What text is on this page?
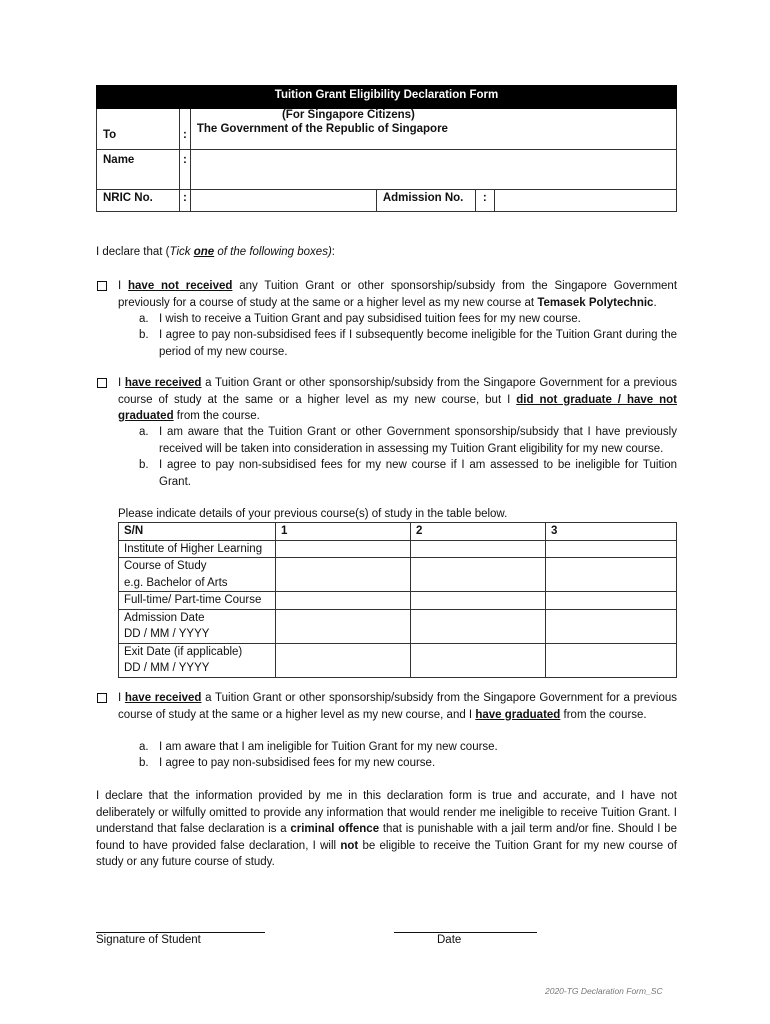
Tuition Grant Eligibility Declaration Form					

To	:	(For Singapore Citizens)
The Government of the Republic of Singapore			

Name	:				

NRIC No.	:		Admission No.	:	

I declare that (Tick one of the following boxes):
I have not received any Tuition Grant or other sponsorship/subsidy from the Singapore Government previously for a course of study at the same or a higher level as my new course at Temasek Polytechnic.
a. I wish to receive a Tuition Grant and pay subsidised tuition fees for my new course.
b. I agree to pay non-subsidised fees if I subsequently become ineligible for the Tuition Grant during the period of my new course.
I have received a Tuition Grant or other sponsorship/subsidy from the Singapore Government for a previous course of study at the same or a higher level as my new course, but I did not graduate / have not graduated from the course.
a. I am aware that the Tuition Grant or other Government sponsorship/subsidy that I have previously received will be taken into consideration in assessing my Tuition Grant eligibility for my new course.
b. I agree to pay non-subsidised fees for my new course if I am assessed to be ineligible for Tuition Grant.
Please indicate details of your previous course(s) of study in the table below.
S/N	1	2	3
Institute of Higher Learning			

Course of Study
e.g. Bachelor of Arts			

Full-time/ Part-time Course			

Admission Date
DD / MM / YYYY			

Exit Date (if applicable)
DD / MM / YYYY			

I have received a Tuition Grant or other sponsorship/subsidy from the Singapore Government for a previous course of study at the same or a higher level as my new course, and I have graduated from the course.
a. I am aware that I am ineligible for Tuition Grant for my new course.
b. I agree to pay non-subsidised fees for my new course.
I declare that the information provided by me in this declaration form is true and accurate, and I have not deliberately or wilfully omitted to provide any information that would render me ineligible to receive Tuition Grant. I understand that false declaration is a criminal offence that is punishable with a jail term and/or fine. Should I be found to have provided false declaration, I will not be eligible to receive the Tuition Grant for my new course of study or any future course of study.
Signature of Student	Date
2020-TG Declaration Form_SC
